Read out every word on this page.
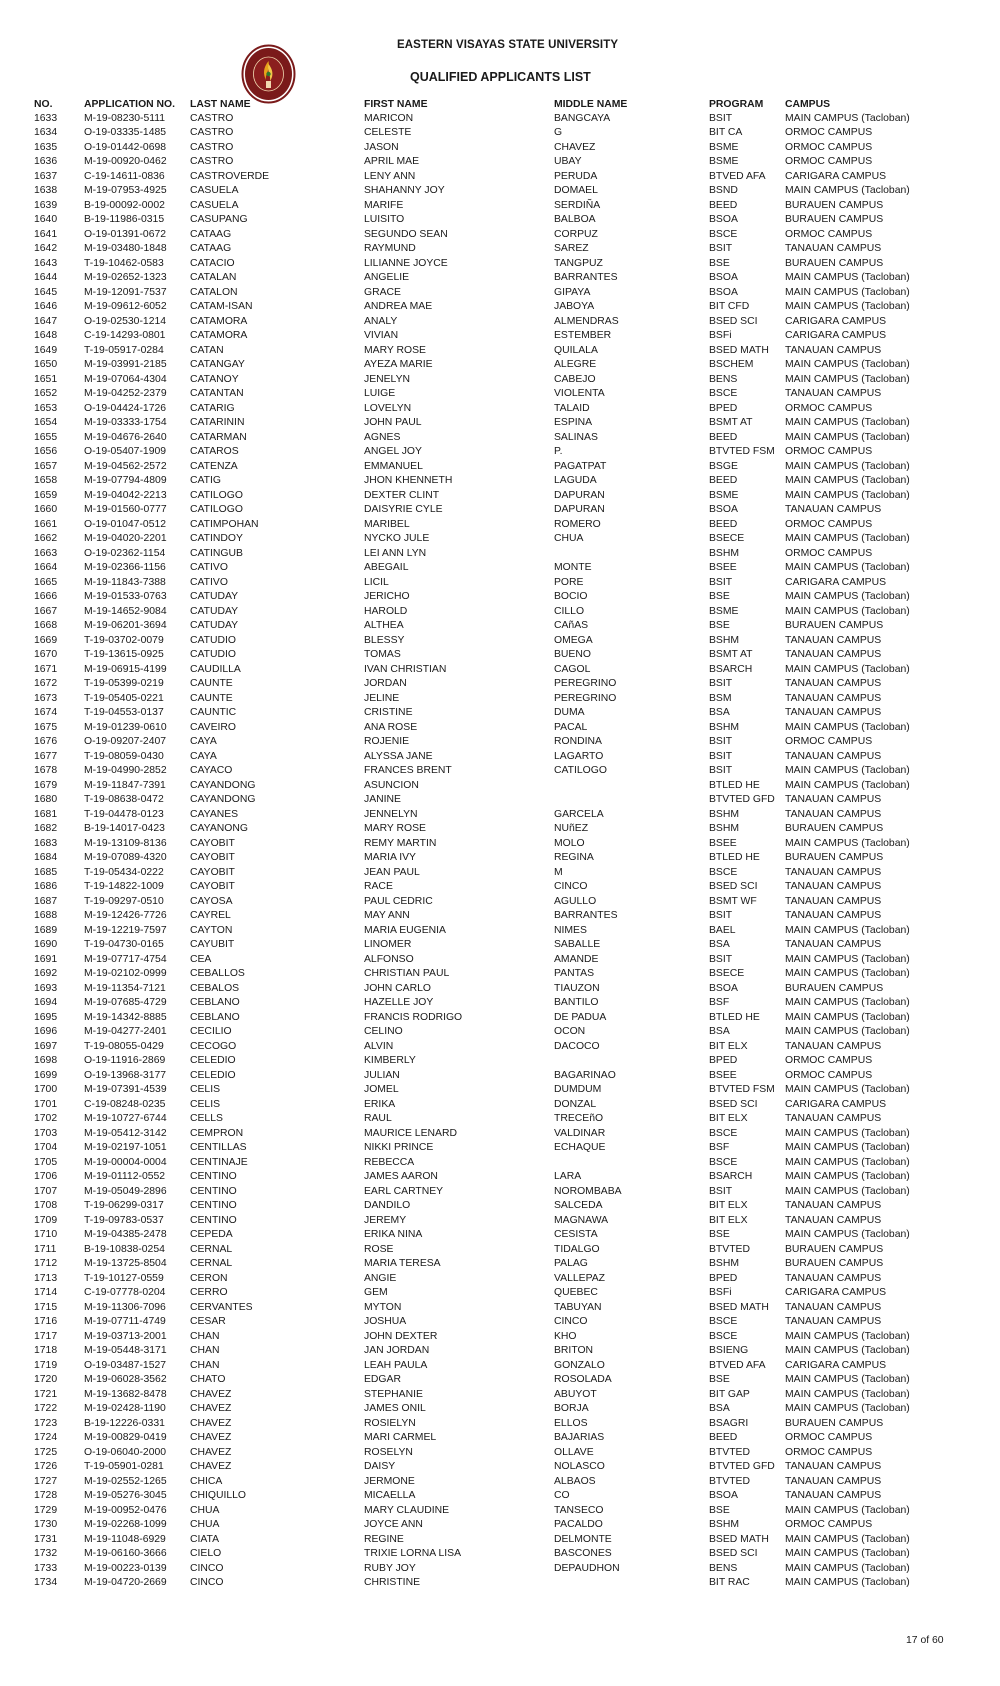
EASTERN VISAYAS STATE UNIVERSITY
QUALIFIED APPLICANTS LIST
NO.	APPLICATION NO.	LAST NAME	FIRST NAME	MIDDLE NAME	PROGRAM	CAMPUS
1633	M-19-08230-5111	CASTRO	MARICON	BANGCAYA	BSIT	MAIN CAMPUS (Tacloban)
1634	O-19-03335-1485	CASTRO	CELESTE	G	BIT CA	ORMOC CAMPUS
1635	O-19-01442-0698	CASTRO	JASON	CHAVEZ	BSME	ORMOC CAMPUS
1636	M-19-00920-0462	CASTRO	APRIL MAE	UBAY	BSME	ORMOC CAMPUS
1637	C-19-14611-0836	CASTROVERDE	LENY ANN	PERUDA	BTVED AFA	CARIGARA CAMPUS
1638	M-19-07953-4925	CASUELA	SHAHANNY JOY	DOMAEL	BSND	MAIN CAMPUS (Tacloban)
1639	B-19-00092-0002	CASUELA	MARIFE	SERDIÑA	BEED	BURAUEN CAMPUS
1640	B-19-11986-0315	CASUPANG	LUISITO	BALBOA	BSOA	BURAUEN CAMPUS
1641	O-19-01391-0672	CATAAG	SEGUNDO SEAN	CORPUZ	BSCE	ORMOC CAMPUS
1642	M-19-03480-1848	CATAAG	RAYMUND	SAREZ	BSIT	TANAUAN CAMPUS
1643	T-19-10462-0583	CATACIO	LILIANNE JOYCE	TANGPUZ	BSE	BURAUEN CAMPUS
1644	M-19-02652-1323	CATALAN	ANGELIE	BARRANTES	BSOA	MAIN CAMPUS (Tacloban)
1645	M-19-12091-7537	CATALON	GRACE	GIPAYA	BSOA	MAIN CAMPUS (Tacloban)
1646	M-19-09612-6052	CATAM-ISAN	ANDREA MAE	JABOYA	BIT CFD	MAIN CAMPUS (Tacloban)
1647	O-19-02530-1214	CATAMORA	ANALY	ALMENDRAS	BSED SCI	CARIGARA CAMPUS
1648	C-19-14293-0801	CATAMORA	VIVIAN	ESTEMBER	BSFi	CARIGARA CAMPUS
1649	T-19-05917-0284	CATAN	MARY ROSE	QUILALA	BSED MATH	TANAUAN CAMPUS
1650	M-19-03991-2185	CATANGAY	AYEZA MARIE	ALEGRE	BSCHEM	MAIN CAMPUS (Tacloban)
1651	M-19-07064-4304	CATANOY	JENELYN	CABEJO	BENS	MAIN CAMPUS (Tacloban)
1652	M-19-04252-2379	CATANTAN	LUIGE	VIOLENTA	BSCE	TANAUAN CAMPUS
1653	O-19-04424-1726	CATARIG	LOVELYN	TALAID	BPED	ORMOC CAMPUS
1654	M-19-03333-1754	CATARININ	JOHN PAUL	ESPINA	BSMT AT	MAIN CAMPUS (Tacloban)
1655	M-19-04676-2640	CATARMAN	AGNES	SALINAS	BEED	MAIN CAMPUS (Tacloban)
1656	O-19-05407-1909	CATAROS	ANGEL JOY	P.	BTVTED FSM	ORMOC CAMPUS
1657	M-19-04562-2572	CATENZA	EMMANUEL	PAGATPAT	BSGE	MAIN CAMPUS (Tacloban)
1658	M-19-07794-4809	CATIG	JHON KHENNETH	LAGUDA	BEED	MAIN CAMPUS (Tacloban)
1659	M-19-04042-2213	CATILOGO	DEXTER CLINT	DAPURAN	BSME	MAIN CAMPUS (Tacloban)
1660	M-19-01560-0777	CATILOGO	DAISYRIE CYLE	DAPURAN	BSOA	TANAUAN CAMPUS
1661	O-19-01047-0512	CATIMPOHAN	MARIBEL	ROMERO	BEED	ORMOC CAMPUS
1662	M-19-04020-2201	CATINDOY	NYCKO JULE	CHUA	BSECE	MAIN CAMPUS (Tacloban)
1663	O-19-02362-1154	CATINGUB	LEI ANN LYN		BSHM	ORMOC CAMPUS
1664	M-19-02366-1156	CATIVO	ABEGAIL	MONTE	BSEE	MAIN CAMPUS (Tacloban)
1665	M-19-11843-7388	CATIVO	LICIL	PORE	BSIT	CARIGARA CAMPUS
1666	M-19-01533-0763	CATUDAY	JERICHO	BOCIO	BSE	MAIN CAMPUS (Tacloban)
1667	M-19-14652-9084	CATUDAY	HAROLD	CILLO	BSME	MAIN CAMPUS (Tacloban)
1668	M-19-06201-3694	CATUDAY	ALTHEA	CAñAS	BSE	BURAUEN CAMPUS
1669	T-19-03702-0079	CATUDIO	BLESSY	OMEGA	BSHM	TANAUAN CAMPUS
1670	T-19-13615-0925	CATUDIO	TOMAS	BUENO	BSMT AT	TANAUAN CAMPUS
1671	M-19-06915-4199	CAUDILLA	IVAN CHRISTIAN	CAGOL	BSARCH	MAIN CAMPUS (Tacloban)
1672	T-19-05399-0219	CAUNTE	JORDAN	PEREGRINO	BSIT	TANAUAN CAMPUS
1673	T-19-05405-0221	CAUNTE	JELINE	PEREGRINO	BSM	TANAUAN CAMPUS
1674	T-19-04553-0137	CAUNTIC	CRISTINE	DUMA	BSA	TANAUAN CAMPUS
1675	M-19-01239-0610	CAVEIRO	ANA ROSE	PACAL	BSHM	MAIN CAMPUS (Tacloban)
1676	O-19-09207-2407	CAYA	ROJENIE	RONDINA	BSIT	ORMOC CAMPUS
1677	T-19-08059-0430	CAYA	ALYSSA JANE	LAGARTO	BSIT	TANAUAN CAMPUS
1678	M-19-04990-2852	CAYACO	FRANCES BRENT	CATILOGO	BSIT	MAIN CAMPUS (Tacloban)
1679	M-19-11847-7391	CAYANDONG	ASUNCION		BTLED HE	MAIN CAMPUS (Tacloban)
1680	T-19-08638-0472	CAYANDONG	JANINE		BTVTED GFD	TANAUAN CAMPUS
1681	T-19-04478-0123	CAYANES	JENNELYN	GARCELA	BSHM	TANAUAN CAMPUS
1682	B-19-14017-0423	CAYANONG	MARY ROSE	NUñEZ	BSHM	BURAUEN CAMPUS
1683	M-19-13109-8136	CAYOBIT	REMY MARTIN	MOLO	BSEE	MAIN CAMPUS (Tacloban)
1684	M-19-07089-4320	CAYOBIT	MARIA IVY	REGINA	BTLED HE	BURAUEN CAMPUS
1685	T-19-05434-0222	CAYOBIT	JEAN PAUL	M	BSCE	TANAUAN CAMPUS
1686	T-19-14822-1009	CAYOBIT	RACE	CINCO	BSED SCI	TANAUAN CAMPUS
1687	T-19-09297-0510	CAYOSA	PAUL CEDRIC	AGULLO	BSMT WF	TANAUAN CAMPUS
1688	M-19-12426-7726	CAYREL	MAY ANN	BARRANTES	BSIT	TANAUAN CAMPUS
1689	M-19-12219-7597	CAYTON	MARIA EUGENIA	NIMES	BAEL	MAIN CAMPUS (Tacloban)
1690	T-19-04730-0165	CAYUBIT	LINOMER	SABALLE	BSA	TANAUAN CAMPUS
1691	M-19-07717-4754	CEA	ALFONSO	AMANDE	BSIT	MAIN CAMPUS (Tacloban)
1692	M-19-02102-0999	CEBALLOS	CHRISTIAN PAUL	PANTAS	BSECE	MAIN CAMPUS (Tacloban)
1693	M-19-11354-7121	CEBALOS	JOHN CARLO	TIAUZON	BSOA	BURAUEN CAMPUS
1694	M-19-07685-4729	CEBLANO	HAZELLE JOY	BANTILO	BSF	MAIN CAMPUS (Tacloban)
1695	M-19-14342-8885	CEBLANO	FRANCIS RODRIGO	DE PADUA	BTLED HE	MAIN CAMPUS (Tacloban)
1696	M-19-04277-2401	CECILIO	CELINO	OCON	BSA	MAIN CAMPUS (Tacloban)
1697	T-19-08055-0429	CECOGO	ALVIN	DACOCO	BIT ELX	TANAUAN CAMPUS
1698	O-19-11916-2869	CELEDIO	KIMBERLY		BPED	ORMOC CAMPUS
1699	O-19-13968-3177	CELEDIO	JULIAN	BAGARINAO	BSEE	ORMOC CAMPUS
1700	M-19-07391-4539	CELIS	JOMEL	DUMDUM	BTVTED FSM	MAIN CAMPUS (Tacloban)
1701	C-19-08248-0235	CELIS	ERIKA	DONZAL	BSED SCI	CARIGARA CAMPUS
1702	M-19-10727-6744	CELLS	RAUL	TRECEñO	BIT ELX	TANAUAN CAMPUS
1703	M-19-05412-3142	CEMPRON	MAURICE LENARD	VALDINAR	BSCE	MAIN CAMPUS (Tacloban)
1704	M-19-02197-1051	CENTILLAS	NIKKI PRINCE	ECHAQUE	BSF	MAIN CAMPUS (Tacloban)
1705	M-19-00004-0004	CENTINAJE	REBECCA		BSCE	MAIN CAMPUS (Tacloban)
1706	M-19-01112-0552	CENTINO	JAMES AARON	LARA	BSARCH	MAIN CAMPUS (Tacloban)
1707	M-19-05049-2896	CENTINO	EARL CARTNEY	NOROMBABA	BSIT	MAIN CAMPUS (Tacloban)
1708	T-19-06299-0317	CENTINO	DANDILO	SALCEDA	BIT ELX	TANAUAN CAMPUS
1709	T-19-09783-0537	CENTINO	JEREMY	MAGNAWA	BIT ELX	TANAUAN CAMPUS
1710	M-19-04385-2478	CEPEDA	ERIKA NINA	CESISTA	BSE	MAIN CAMPUS (Tacloban)
1711	B-19-10838-0254	CERNAL	ROSE	TIDALGO	BTVTED	BURAUEN CAMPUS
1712	M-19-13725-8504	CERNAL	MARIA TERESA	PALAG	BSHM	BURAUEN CAMPUS
1713	T-19-10127-0559	CERON	ANGIE	VALLEPAZ	BPED	TANAUAN CAMPUS
1714	C-19-07778-0204	CERRO	GEM	QUEBEC	BSFi	CARIGARA CAMPUS
1715	M-19-11306-7096	CERVANTES	MYTON	TABUYAN	BSED MATH	TANAUAN CAMPUS
1716	M-19-07711-4749	CESAR	JOSHUA	CINCO	BSCE	TANAUAN CAMPUS
1717	M-19-03713-2001	CHAN	JOHN DEXTER	KHO	BSCE	MAIN CAMPUS (Tacloban)
1718	M-19-05448-3171	CHAN	JAN JORDAN	BRITON	BSIENG	MAIN CAMPUS (Tacloban)
1719	O-19-03487-1527	CHAN	LEAH PAULA	GONZALO	BTVED AFA	CARIGARA CAMPUS
1720	M-19-06028-3562	CHATO	EDGAR	ROSOLADA	BSE	MAIN CAMPUS (Tacloban)
1721	M-19-13682-8478	CHAVEZ	STEPHANIE	ABUYOT	BIT GAP	MAIN CAMPUS (Tacloban)
1722	M-19-02428-1190	CHAVEZ	JAMES ONIL	BORJA	BSA	MAIN CAMPUS (Tacloban)
1723	B-19-12226-0331	CHAVEZ	ROSIELYN	ELLOS	BSAGRI	BURAUEN CAMPUS
1724	M-19-00829-0419	CHAVEZ	MARI CARMEL	BAJARIAS	BEED	ORMOC CAMPUS
1725	O-19-06040-2000	CHAVEZ	ROSELYN	OLLAVE	BTVTED	ORMOC CAMPUS
1726	T-19-05901-0281	CHAVEZ	DAISY	NOLASCO	BTVTED GFD	TANAUAN CAMPUS
1727	M-19-02552-1265	CHICA	JERMONE	ALBAOS	BTVTED	TANAUAN CAMPUS
1728	M-19-05276-3045	CHIQUILLO	MICAELLA	CO	BSOA	TANAUAN CAMPUS
1729	M-19-00952-0476	CHUA	MARY CLAUDINE	TANSECO	BSE	MAIN CAMPUS (Tacloban)
1730	M-19-02268-1099	CHUA	JOYCE ANN	PACALDO	BSHM	ORMOC CAMPUS
1731	M-19-11048-6929	CIATA	REGINE	DELMONTE	BSED MATH	MAIN CAMPUS (Tacloban)
1732	M-19-06160-3666	CIELO	TRIXIE LORNA LISA	BASCONES	BSED SCI	MAIN CAMPUS (Tacloban)
1733	M-19-00223-0139	CINCO	RUBY JOY	DEPAUDHON	BENS	MAIN CAMPUS (Tacloban)
1734	M-19-04720-2669	CINCO	CHRISTINE		BIT RAC	MAIN CAMPUS (Tacloban)
17 of 60
